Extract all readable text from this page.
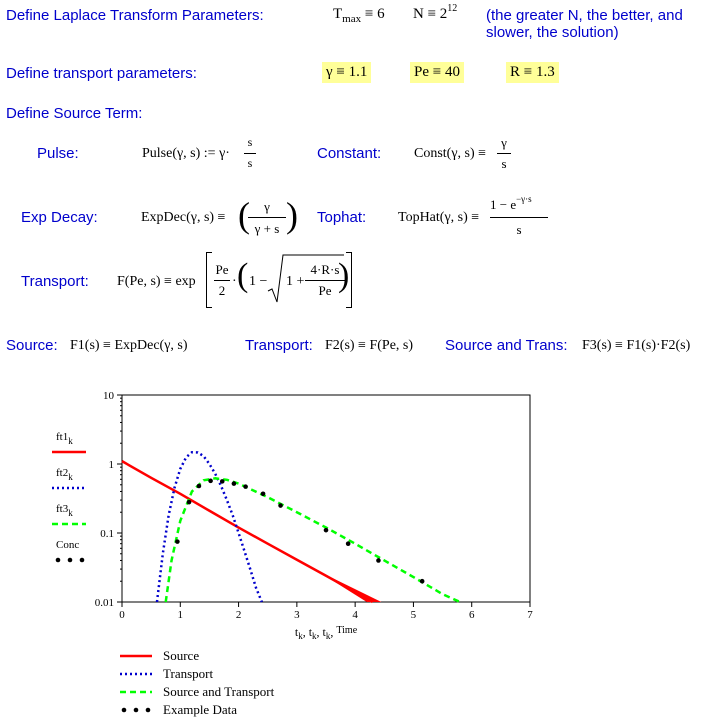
Define Laplace Transform Parameters:	$T_{max} \equiv 6$ $N \equiv 2^{12}$ (the greater N, the better, and
slower, the solution)
Define transport parameters:	γ ≡ 1.1	Pe ≡ 40	R ≡ 1.3
Define Source Term:
Pulse:	Pulse(γ, s) := γ·
s
s
Constant: Const(γ, s) ≡
γ
s
Exp Decay:	ExpDec(γ, s) ≡ (	γ
γ + s ) Tophat: TopHat(γ, s) ≡
$1 - e^{-\gamma\cdot s}$
s
Transport: F(Pe, s) ≡ exp
Pe
2
· ( 1 − 1 +
4·R·s
Pe )
Source: F1(s) ≡ ExpDec(γ, s)	Transport: F2(s) ≡ F(Pe, s) Source and Trans: F3(s) ≡ F1(s)·F2(s)
0	1	2	3	4	5	6	7
0.01
0.1
1
10
$t_k$, $t_k$, $t_k$, $^{Time}$
$ft1_k$
$ft2_k$
$ft3_k$
Conc
Source
Transport
Source and Transport
Example Data
